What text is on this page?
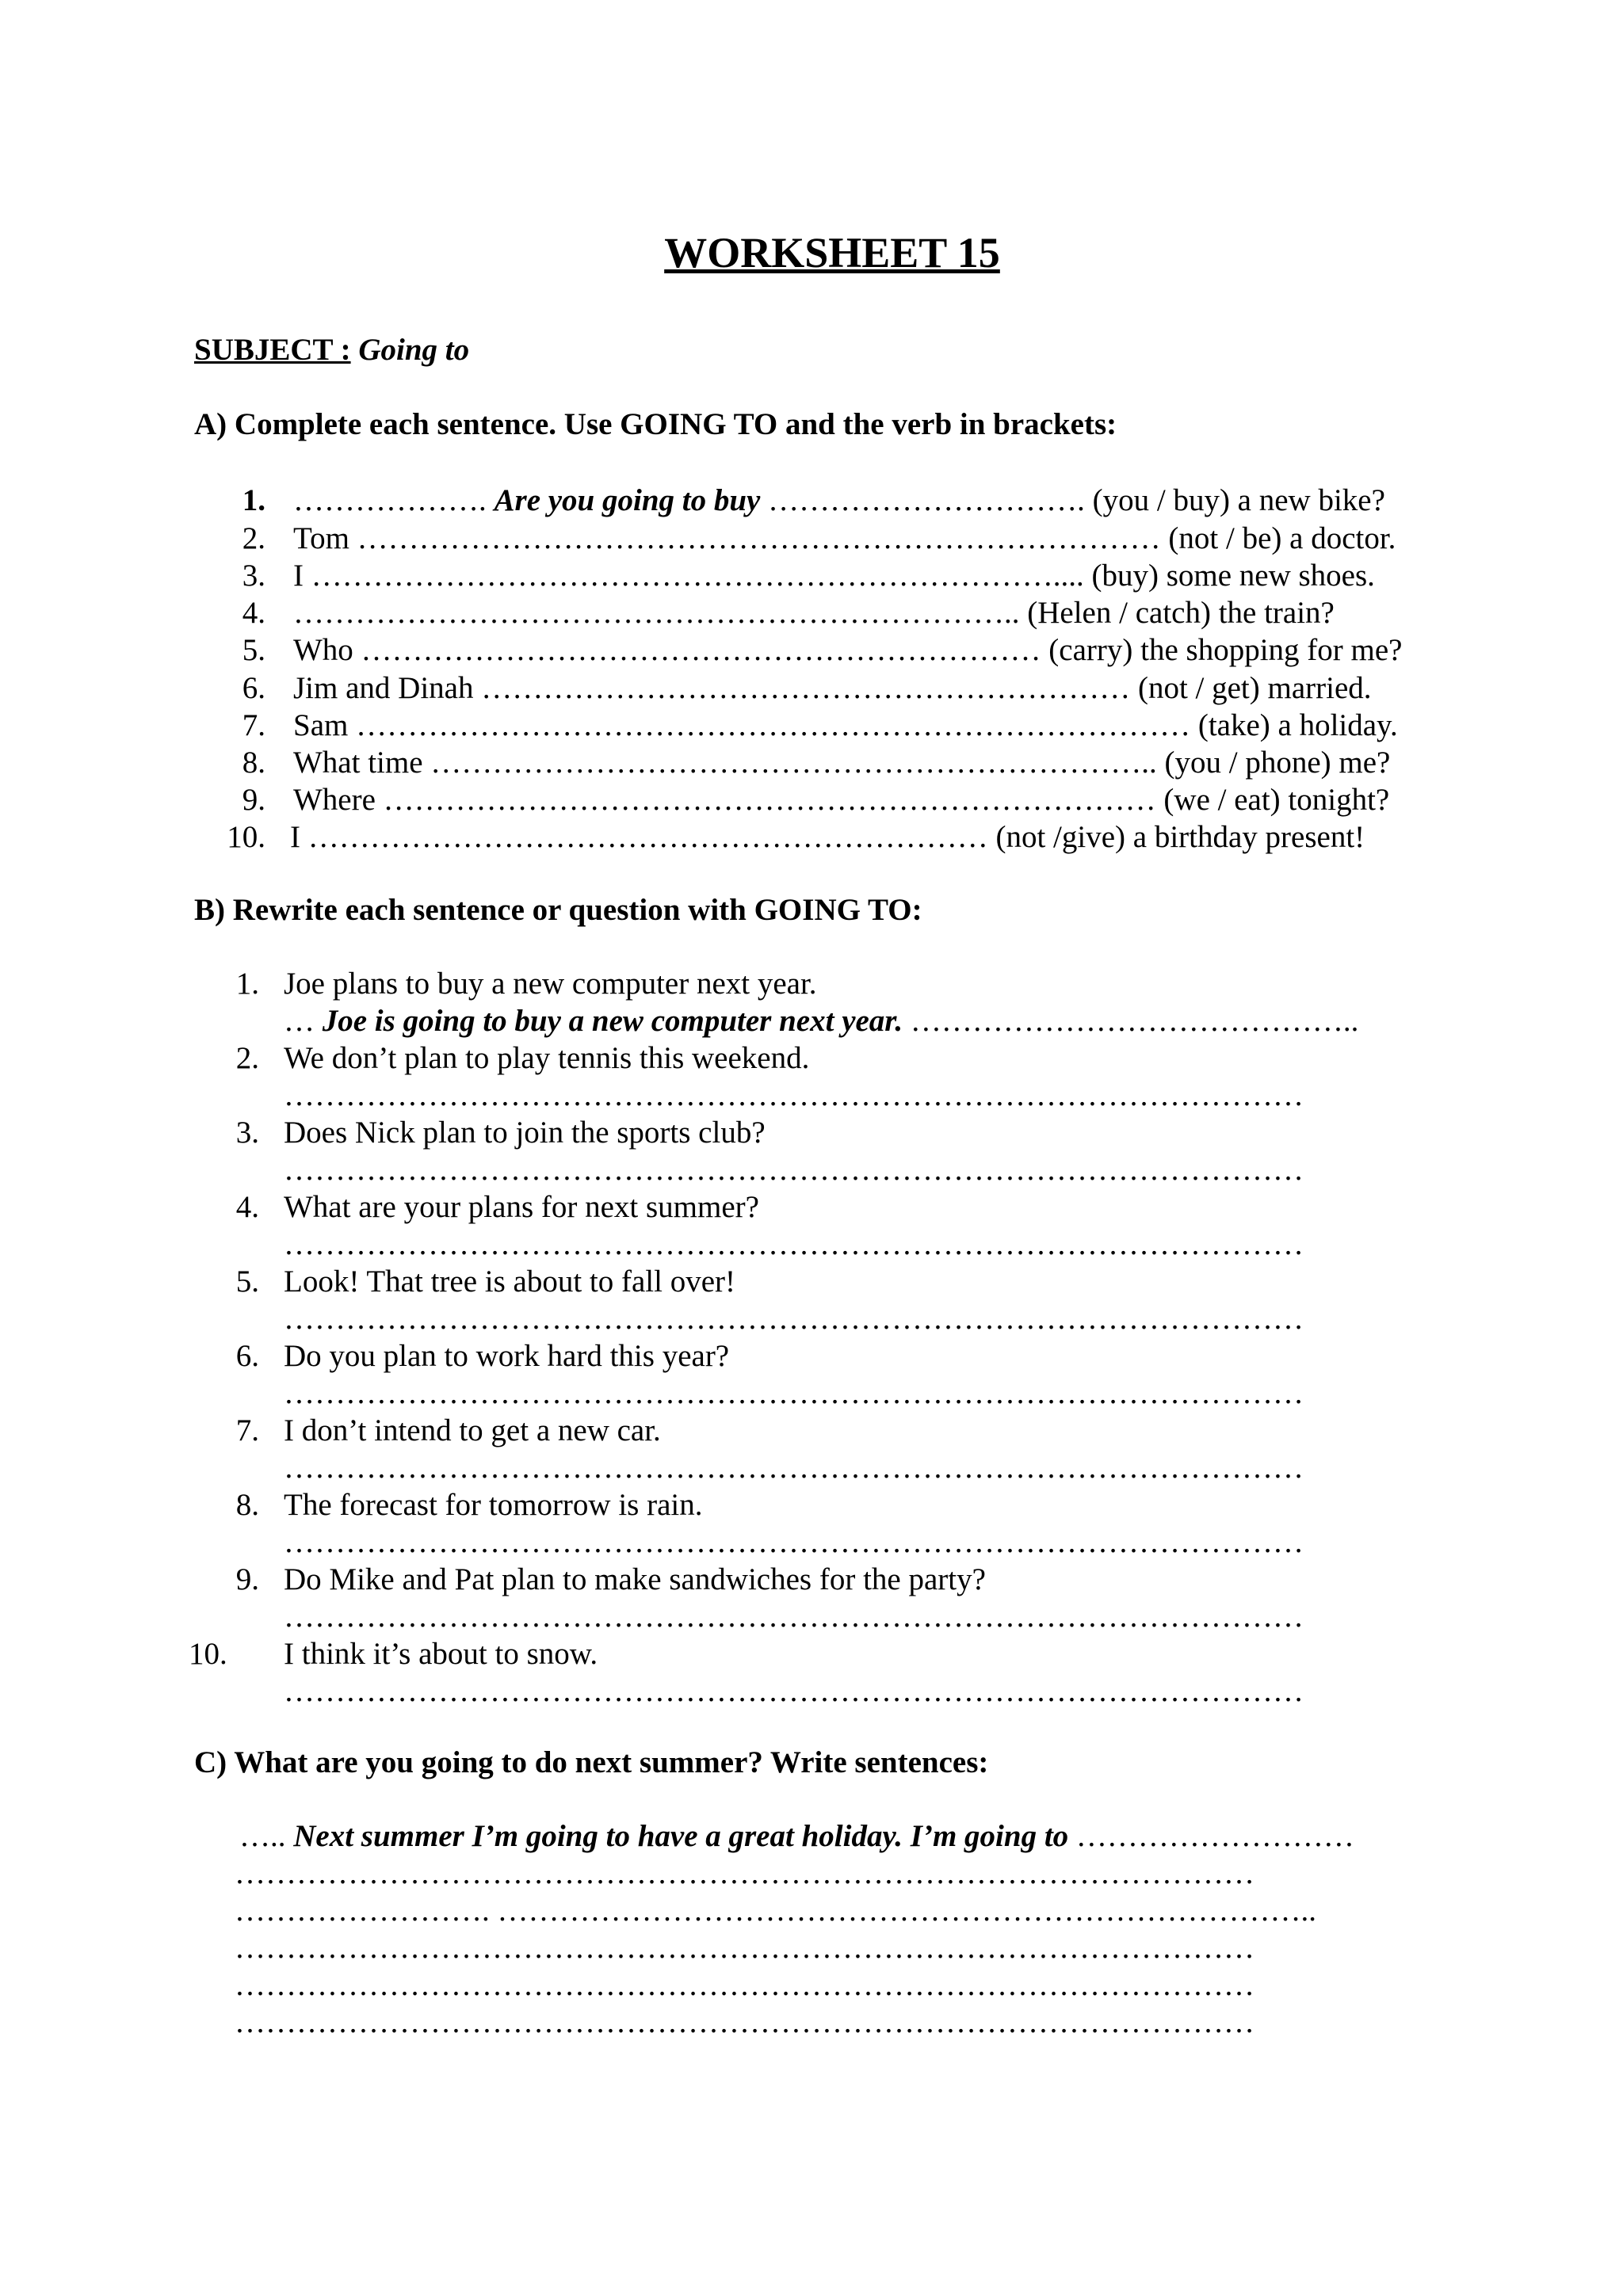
WORKSHEET 15
SUBJECT : Going to
A) Complete each sentence. Use GOING TO and the verb in brackets:
1. ………………. Are you going to buy …………………………. (you / buy) a new bike?
2. Tom …………………………………………………………………… (not / be) a doctor.
3. I ……………………………………………………………….... (buy) some new shoes.
4. …………………………………………………………….. (Helen / catch) the train?
5. Who ………………………………………………………… (carry) the shopping for me?
6. Jim and Dinah ……………………………………………………… (not / get) married.
7. Sam ……………………………………………………………………… (take) a holiday.
8. What time …………………………………………………………….. (you / phone) me?
9. Where ………………………………………………………………… (we / eat) tonight?
10. I ………………………………………………………… (not /give) a birthday present!
B) Rewrite each sentence or question with GOING TO:
1. Joe plans to buy a new computer next year.
… Joe is going to buy a new computer next year. ……………………………………..
2. We don’t plan to play tennis this weekend.
………………………………………………………………………………………
3. Does Nick plan to join the sports club?
………………………………………………………………………………………
4. What are your plans for next summer?
………………………………………………………………………………………
5. Look! That tree is about to fall over!
………………………………………………………………………………………
6. Do you plan to work hard this year?
………………………………………………………………………………………
7. I don’t intend to get a new car.
………………………………………………………………………………………
8. The forecast for tomorrow is rain.
………………………………………………………………………………………
9. Do Mike and Pat plan to make sandwiches for the party?
………………………………………………………………………………………
10.	I think it’s about to snow.
………………………………………………………………………………………
C) What are you going to do next summer? Write sentences:
….. Next summer I’m going to have a great holiday. I’m going to ………………………
………………………………………………………………………………………
……………………. ……………………………………………………………………..
………………………………………………………………………………………
………………………………………………………………………………………
………………………………………………………………………………………
